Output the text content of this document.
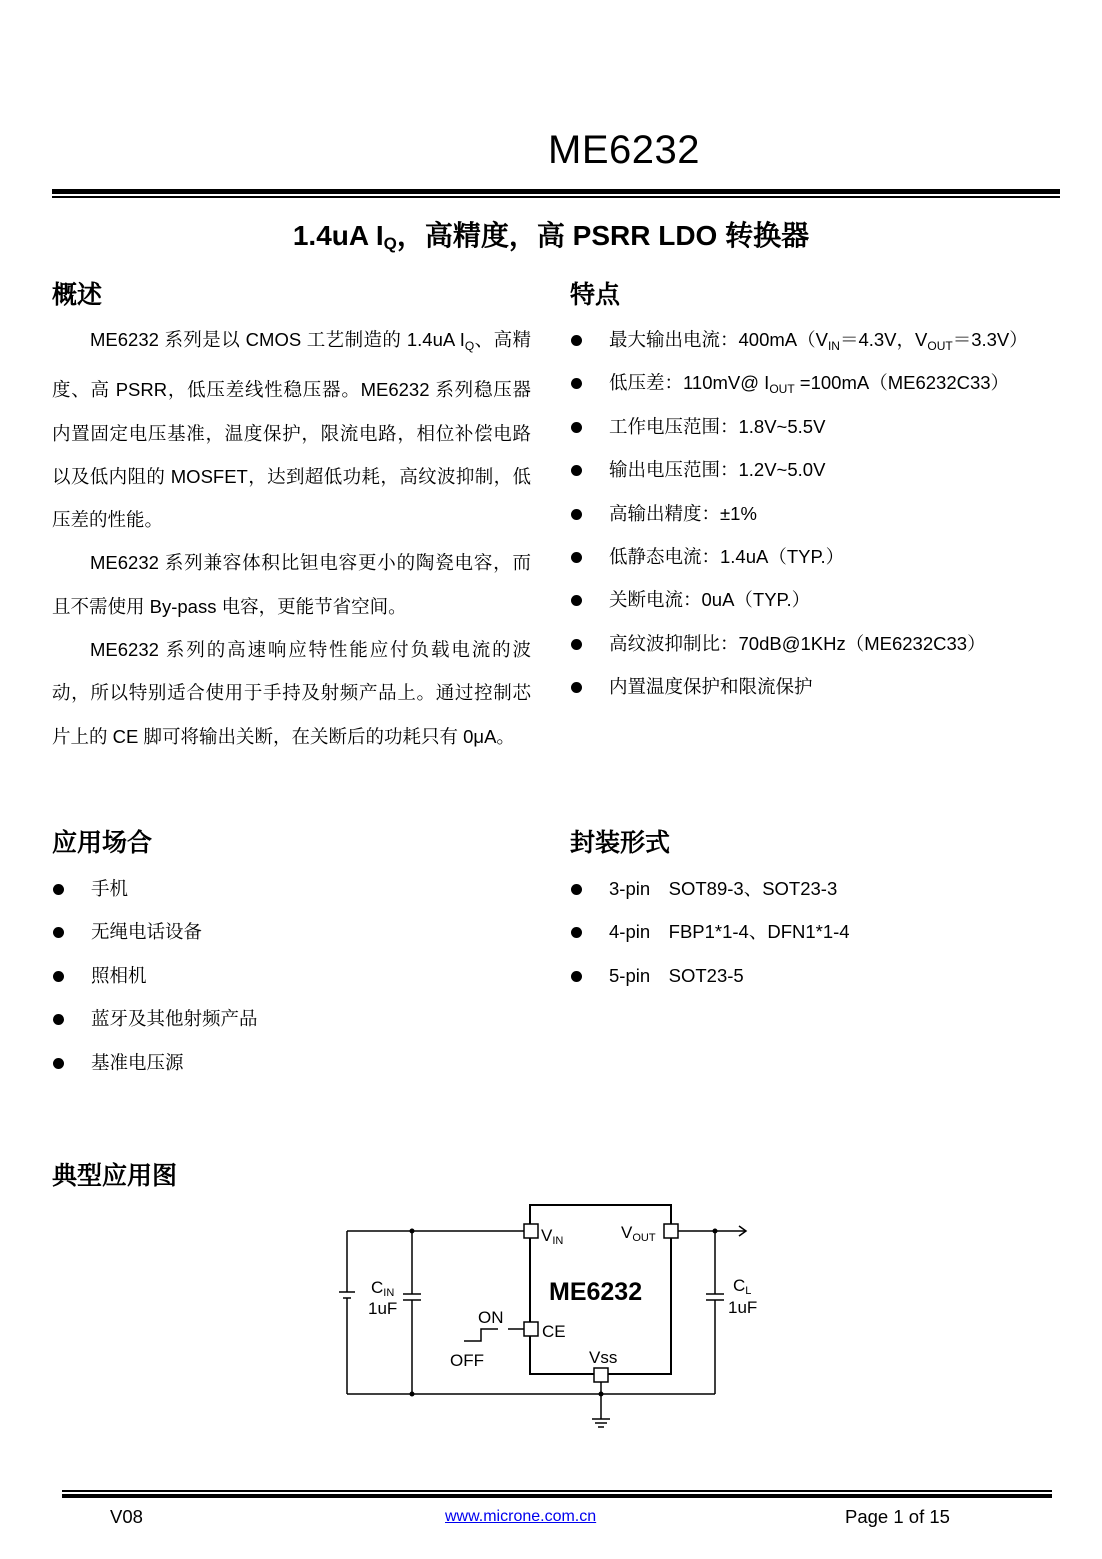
ME6232
1.4uA $I_Q$，高精度，高 PSRR LDO 转换器
概述

ME6232 系列是以 CMOS 工艺制造的 1.4uA $I_Q$、高精度、高 PSRR，低压差线性稳压器。ME6232 系列稳压器内置固定电压基准，温度保护，限流电路，相位补偿电路以及低内阻的 MOSFET，达到超低功耗，高纹波抑制，低压差的性能。

ME6232 系列兼容体积比钽电容更小的陶瓷电容，而且不需使用 By-pass 电容，更能节省空间。

ME6232 系列的高速响应特性能应付负载电流的波动，所以特别适合使用于手持及射频产品上。通过控制芯片上的 CE 脚可将输出关断，在关断后的功耗只有 0μA。

特点
最大输出电流：$400mA(V_{IN}=4.3V$，$V_{OUT}=3.3V$）
低压差：110mV@ $I_{OUT} =100mA(ME6232C33)$
工作电压范围：1.8V~5.5V
输出电压范围：1.2V~5.0V
高输出精度：±1%
低静态电流：1.4uA（TYP.）
关断电流：0uA（TYP.）
高纹波抑制比：70dB@1KHz（ME6232C33）
内置温度保护和限流保护
应用场合
手机
无绳电话设备
照相机
蓝牙及其他射频产品
基准电压源
封装形式
3-pin　SOT89-3、SOT23-3
4-pin　FBP1*1-4、DFN1*1-4
5-pin　SOT23-5
典型应用图
ME6232
VIN	VOUT
CE
Vss
ON
OFF
CIN
1uF
CL
1uF
V08	www.microne.com.cn	Page 1 of 15
